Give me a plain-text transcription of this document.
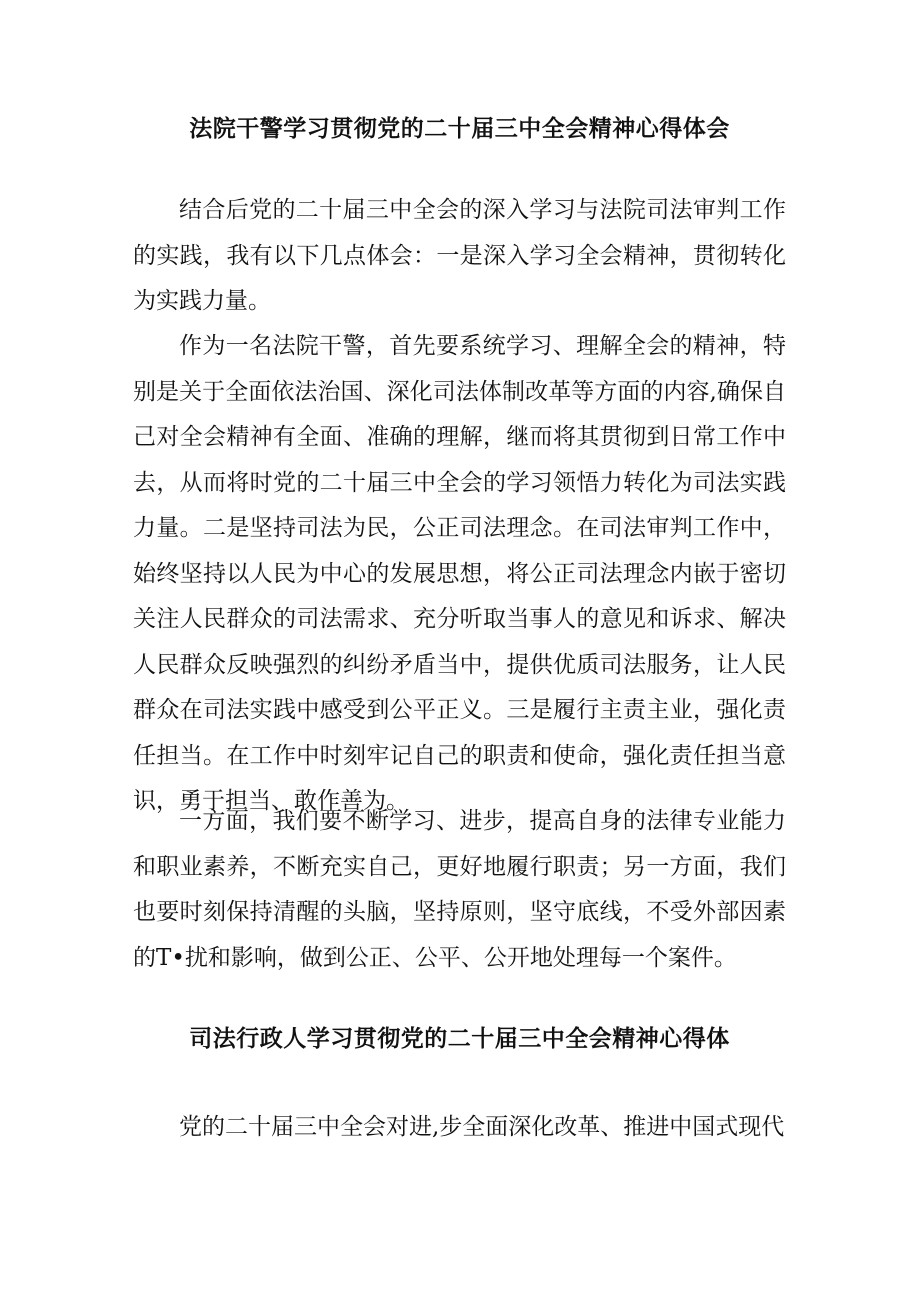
法院干警学习贯彻党的二十届三中全会精神心得体会

结合后党的二十届三中全会的深入学习与法院司法审判工作的实践，我有以下几点体会：一是深入学习全会精神，贯彻转化为实践力量。

作为一名法院干警，首先要系统学习、理解全会的精神，特别是关于全面依法治国、深化司法体制改革等方面的内容,确保自己对全会精神有全面、准确的理解，继而将其贯彻到日常工作中去，从而将时党的二十届三中全会的学习领悟力转化为司法实践力量。二是坚持司法为民，公正司法理念。在司法审判工作中，始终坚持以人民为中心的发展思想，将公正司法理念内嵌于密切关注人民群众的司法需求、充分听取当事人的意见和诉求、解决人民群众反映强烈的纠纷矛盾当中，提供优质司法服务，让人民群众在司法实践中感受到公平正义。三是履行主责主业，强化责任担当。在工作中时刻牢记自己的职责和使命，强化责任担当意识，勇于担当、敢作善为。

一方面，我们要不断学习、进步，提高自身的法律专业能力和职业素养，不断充实自己，更好地履行职责；另一方面，我们也要时刻保持清醒的头脑，坚持原则，坚守底线，不受外部因素的T•扰和影响，做到公正、公平、公开地处理每一个案件。

司法行政人学习贯彻党的二十届三中全会精神心得体

党的二十届三中全会对进,步全面深化改革、推进中国式现代
